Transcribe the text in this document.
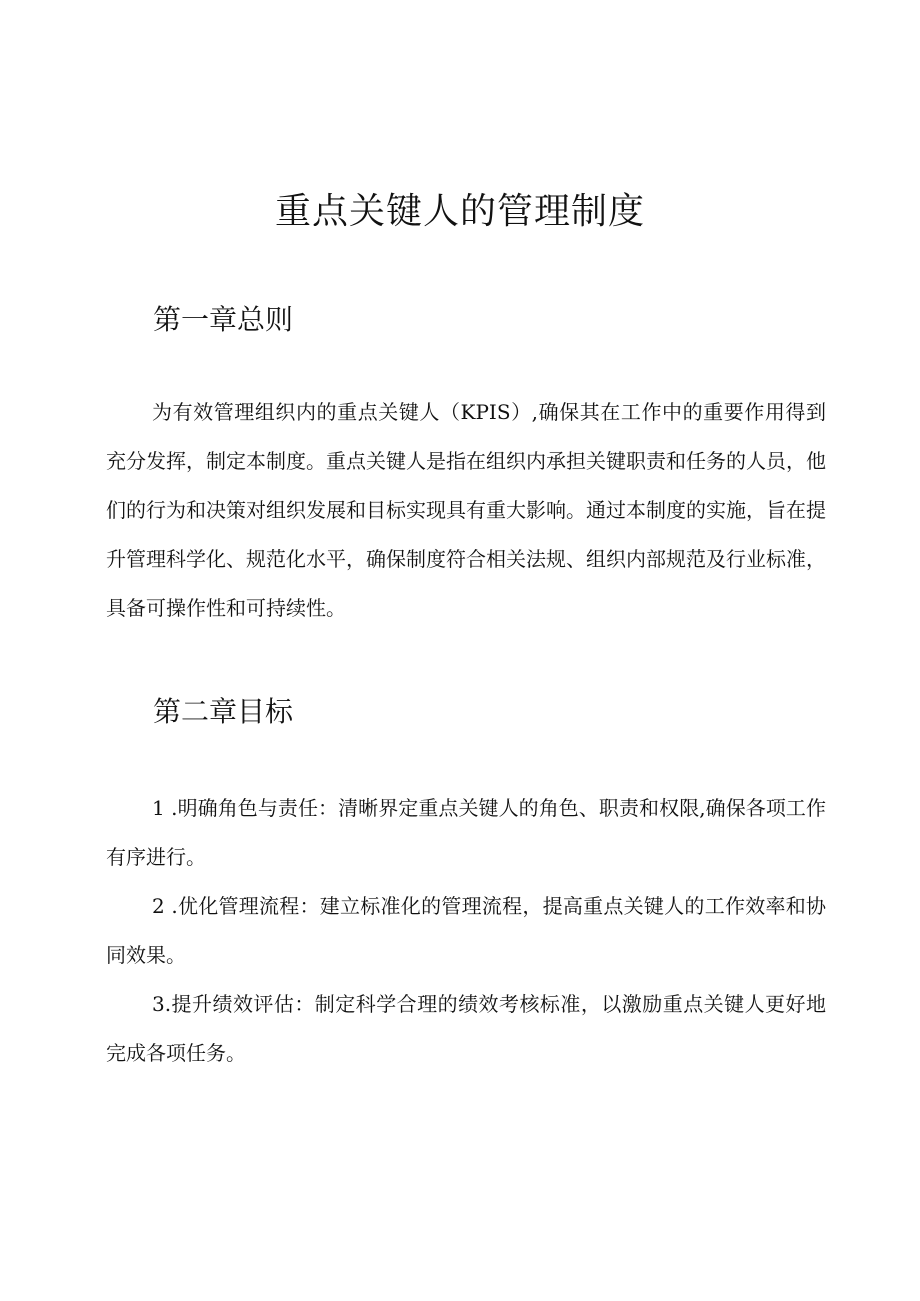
重点关键人的管理制度
第一章总则

为有效管理组织内的重点关键人（KPIS）,确保其在工作中的重要作用得到充分发挥，制定本制度。重点关键人是指在组织内承担关键职责和任务的人员，他们的行为和决策对组织发展和目标实现具有重大影响。通过本制度的实施，旨在提升管理科学化、规范化水平，确保制度符合相关法规、组织内部规范及行业标准，具备可操作性和可持续性。

第二章目标

1 .明确角色与责任：清晰界定重点关键人的角色、职责和权限,确保各项工作有序进行。

2 .优化管理流程：建立标准化的管理流程，提高重点关键人的工作效率和协同效果。

3.提升绩效评估：制定科学合理的绩效考核标准，以激励重点关键人更好地完成各项任务。
